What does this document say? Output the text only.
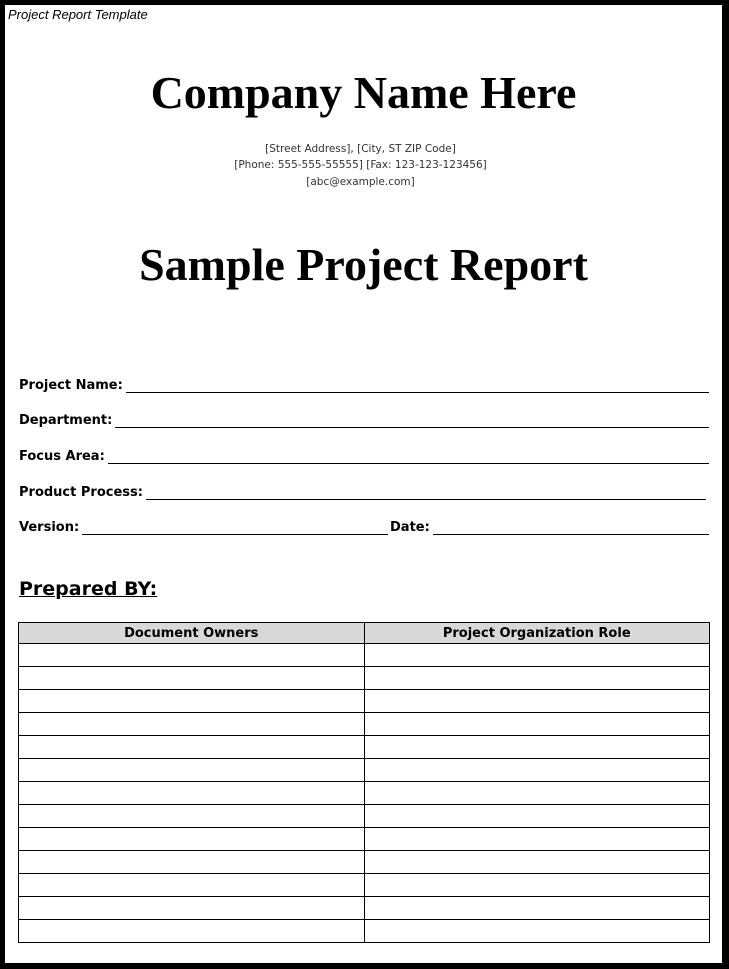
Project Report Template
Company Name Here
[Street Address], [City, ST ZIP Code]
[Phone: 555-555-55555] [Fax: 123-123-123456]
[abc@example.com]
Sample Project Report
Project Name:
Department:
Focus Area:
Product Process:
Version:	Date:
Prepared BY:
Document Owners	Project Organization Role
